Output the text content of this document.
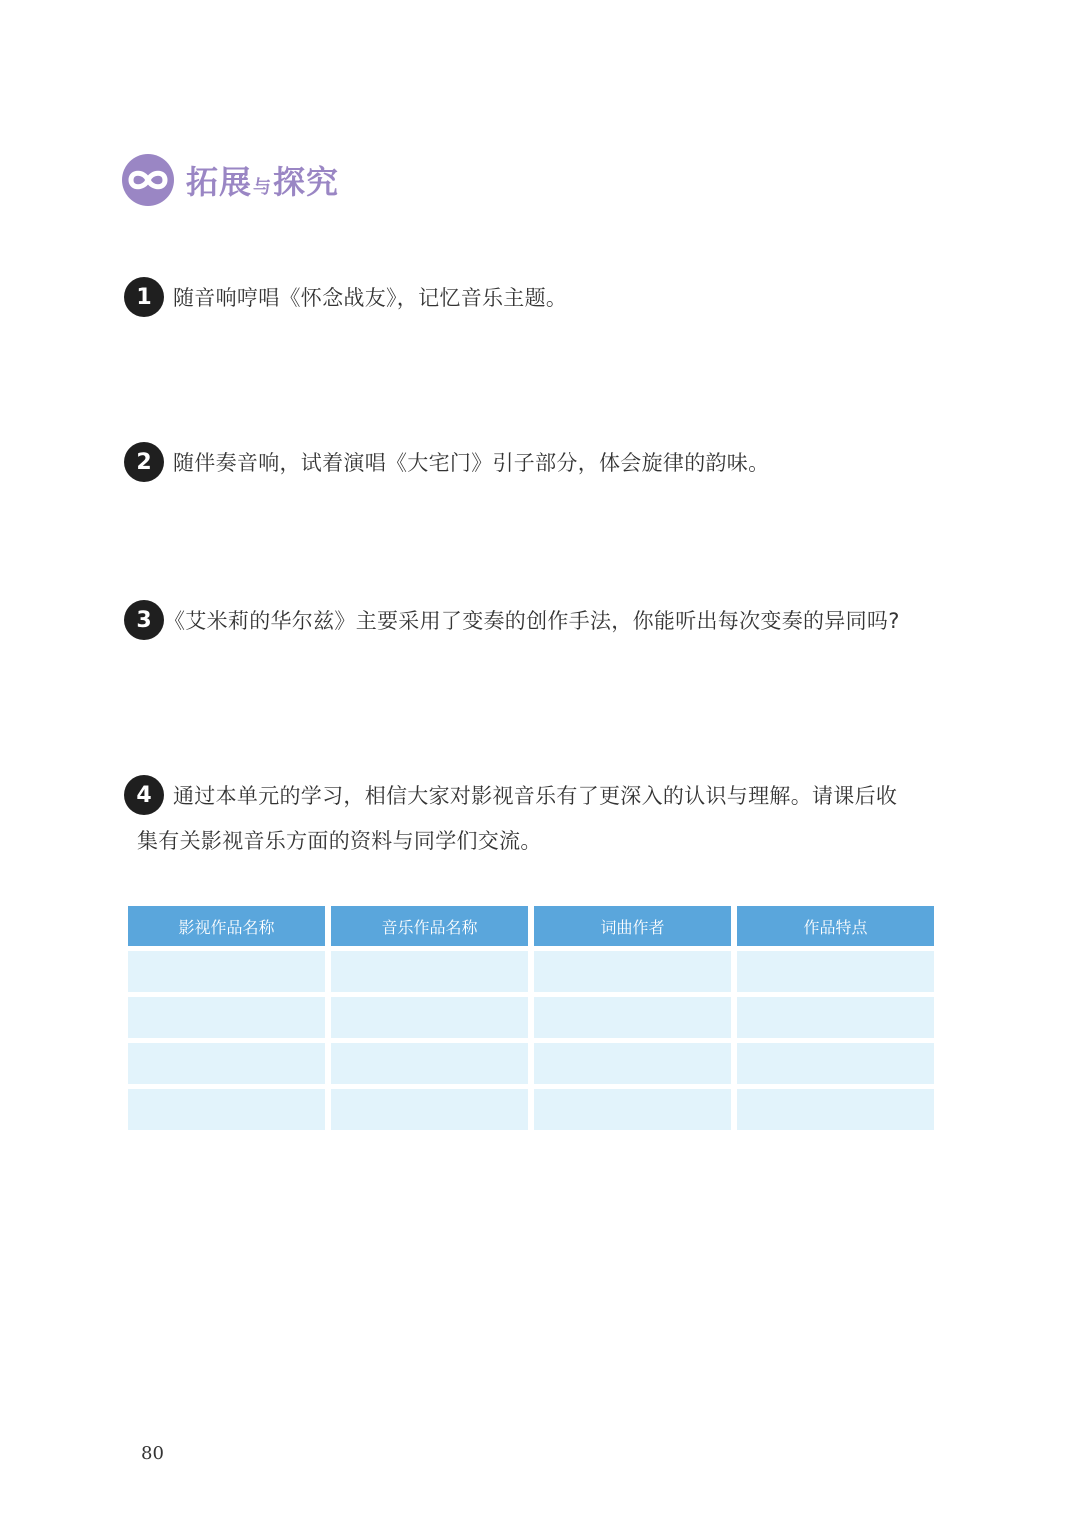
拓展与探究
1	随音响哼唱《怀念战友》，记忆音乐主题。
2	随伴奏音响，试着演唱《大宅门》引子部分，体会旋律的韵味。
3 《艾米莉的华尔兹》主要采用了变奏的创作手法，你能听出每次变奏的异同吗?
4	通过本单元的学习，相信大家对影视音乐有了更深入的认识与理解。请课后收
集有关影视音乐方面的资料与同学们交流。
影视作品名称	音乐作品名称	词曲作者	作品特点
80
